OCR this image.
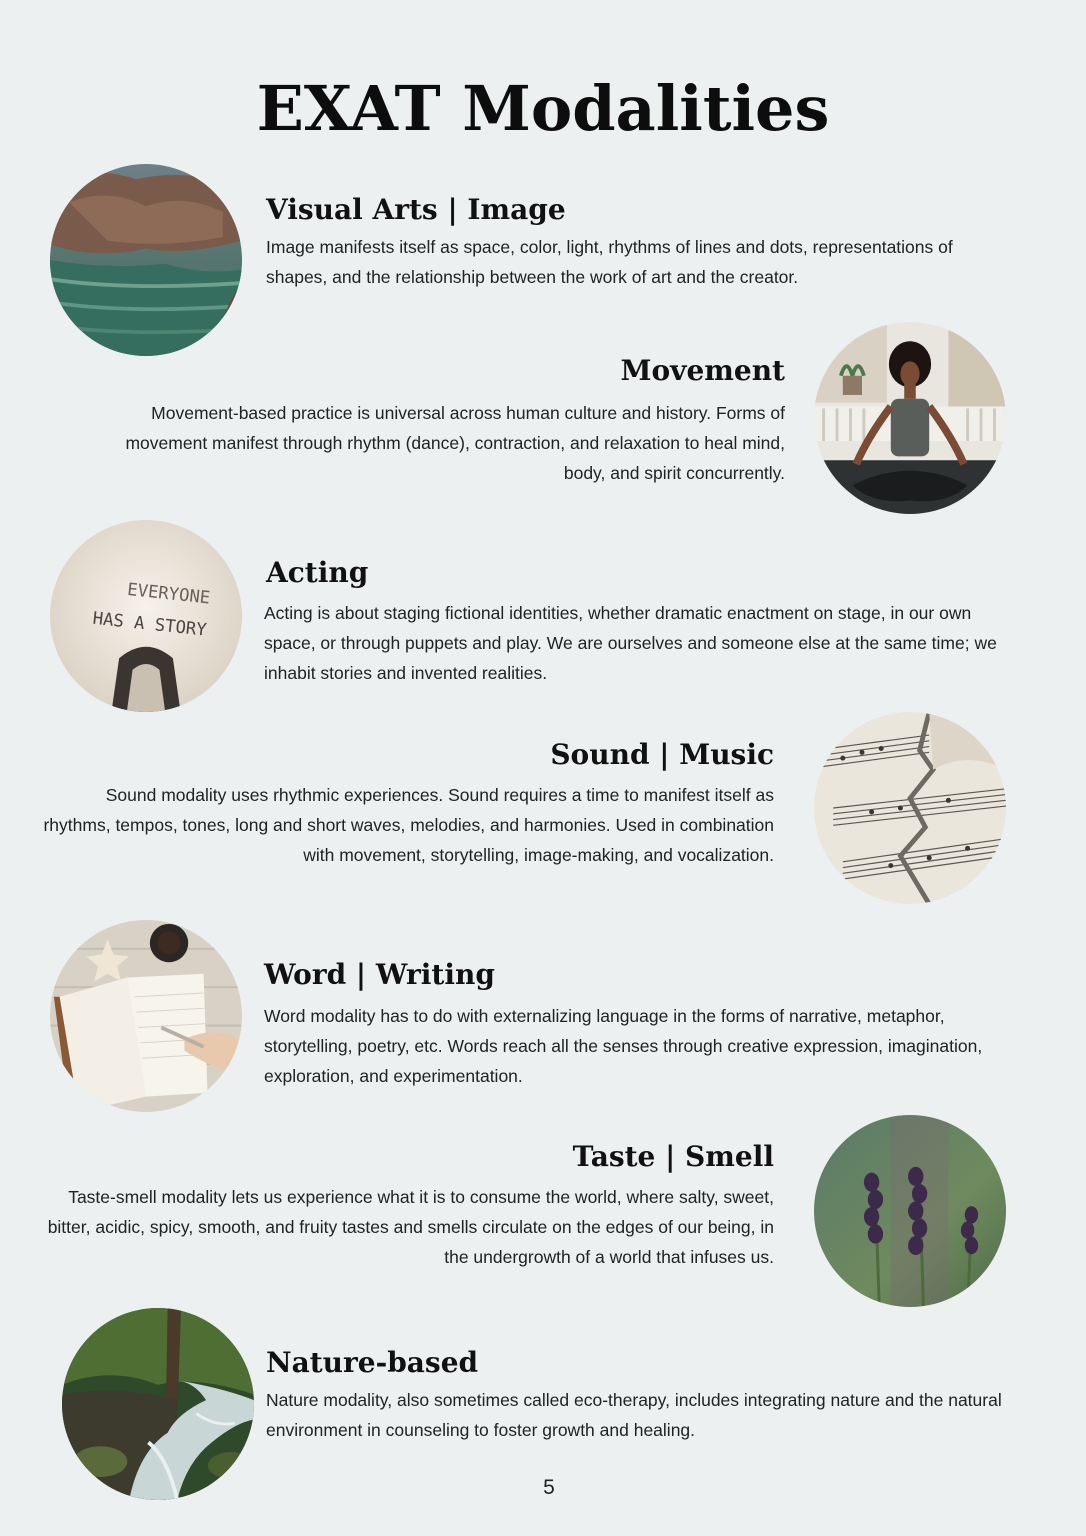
EXAT Modalities
Visual Arts | Image
Image manifests itself as space, color, light, rhythms of lines and dots, representations of shapes, and the relationship between the work of art and the creator.
Movement
Movement-based practice is universal across human culture and history. Forms of movement manifest through rhythm (dance), contraction, and relaxation to heal mind, body, and spirit concurrently.
EVERYONE
HAS A STORY
Acting
Acting is about staging fictional identities, whether dramatic enactment on stage, in our own space, or through puppets and play. We are ourselves and someone else at the same time; we inhabit stories and invented realities.
Sound | Music
Sound modality uses rhythmic experiences. Sound requires a time to manifest itself as rhythms, tempos, tones, long and short waves, melodies, and harmonies. Used in combination with movement, storytelling, image-making, and vocalization.
Word | Writing
Word modality has to do with externalizing language in the forms of narrative, metaphor, storytelling, poetry, etc. Words reach all the senses through creative expression, imagination, exploration, and experimentation.
Taste | Smell
Taste-smell modality lets us experience what it is to consume the world, where salty, sweet, bitter, acidic, spicy, smooth, and fruity tastes and smells circulate on the edges of our being, in the undergrowth of a world that infuses us.
Nature-based
Nature modality, also sometimes called eco-therapy, includes integrating nature and the natural environment in counseling to foster growth and healing.
5
